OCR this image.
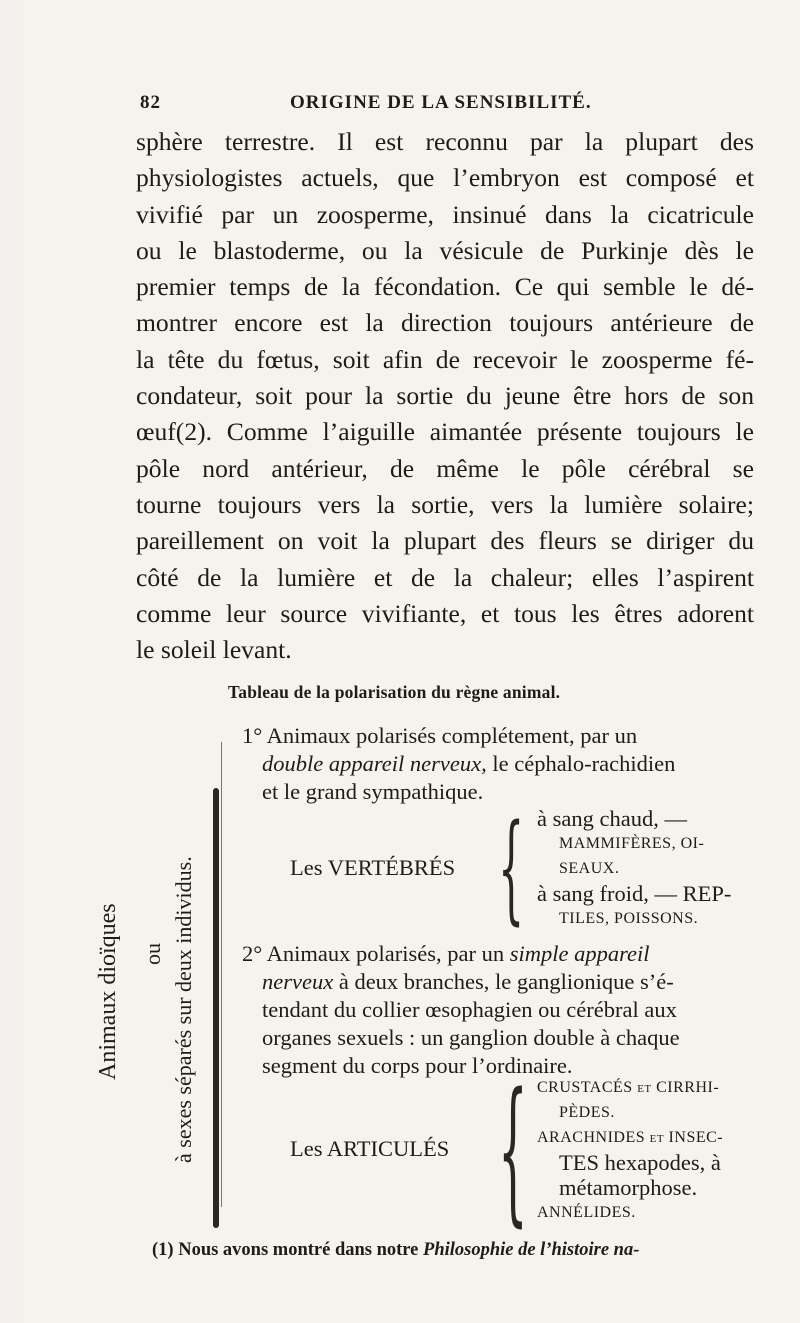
82	ORIGINE DE LA SENSIBILITÉ.
sphère terrestre. Il est reconnu par la plupart des
physiologistes actuels, que l’embryon est composé et
vivifié par un zoosperme, insinué dans la cicatricule
ou le blastoderme, ou la vésicule de Purkinje dès le
premier temps de la fécondation. Ce qui semble le dé-
montrer encore est la direction toujours antérieure de
la tête du fœtus, soit afin de recevoir le zoosperme fé-
condateur, soit pour la sortie du jeune être hors de son
œuf(2). Comme l’aiguille aimantée présente toujours le
pôle nord antérieur, de même le pôle cérébral se
tourne toujours vers la sortie, vers la lumière solaire;
pareillement on voit la plupart des fleurs se diriger du
côté de la lumière et de la chaleur; elles l’aspirent
comme leur source vivifiante, et tous les êtres adorent
le soleil levant.
Tableau de la polarisation du règne animal.
Animaux dioïques ou à sexes séparés sur deux individus.
1° Animaux polarisés complétement, par un
double appareil nerveux, le céphalo-rachidien
et le grand sympathique.
Les VERTÉBRÉS { à sang chaud, —
MAMMIFÈRES, OI-
SEAUX.
à sang froid, — REP-
TILES, POISSONS.
2° Animaux polarisés, par un simple appareil
nerveux à deux branches, le ganglionique s’é-
tendant du collier œsophagien ou cérébral aux
organes sexuels : un ganglion double à chaque
segment du corps pour l’ordinaire.
Les ARTICULÉS { CRUSTACÉS et CIRRHI-
PÈDES.
ARACHNIDES et INSEC-
TES hexapodes, à
métamorphose.
ANNÉLIDES.
(1) Nous avons montré dans notre Philosophie de l’histoire na-
